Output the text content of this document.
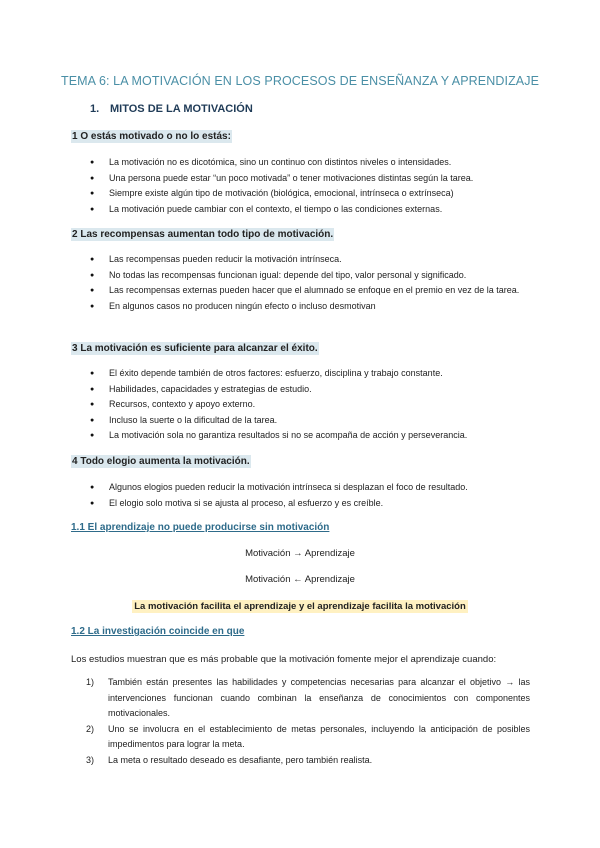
TEMA 6: LA MOTIVACIÓN EN LOS PROCESOS DE ENSEÑANZA Y APRENDIZAJE
1. MITOS DE LA MOTIVACIÓN
1 O estás motivado o no lo estás:
● La motivación no es dicotómica, sino un continuo con distintos niveles o intensidades.
● Una persona puede estar “un poco motivada” o tener motivaciones distintas según la tarea.
● Siempre existe algún tipo de motivación (biológica, emocional, intrínseca o extrínseca)
● La motivación puede cambiar con el contexto, el tiempo o las condiciones externas.
2 Las recompensas aumentan todo tipo de motivación.
● Las recompensas pueden reducir la motivación intrínseca.
● No todas las recompensas funcionan igual: depende del tipo, valor personal y significado.
● Las recompensas externas pueden hacer que el alumnado se enfoque en el premio en vez de la tarea.
● En algunos casos no producen ningún efecto o incluso desmotivan
3 La motivación es suficiente para alcanzar el éxito.
● El éxito depende también de otros factores: esfuerzo, disciplina y trabajo constante.
● Habilidades, capacidades y estrategias de estudio.
● Recursos, contexto y apoyo externo.
● Incluso la suerte o la dificultad de la tarea.
● La motivación sola no garantiza resultados si no se acompaña de acción y perseverancia.
4 Todo elogio aumenta la motivación.
● Algunos elogios pueden reducir la motivación intrínseca si desplazan el foco de resultado.
● El elogio solo motiva si se ajusta al proceso, al esfuerzo y es creíble.
1.1 El aprendizaje no puede producirse sin motivación
Motivación → Aprendizaje
Motivación ← Aprendizaje
La motivación facilita el aprendizaje y el aprendizaje facilita la motivación
1.2 La investigación coincide en que
Los estudios muestran que es más probable que la motivación fomente mejor el aprendizaje cuando:
1) También están presentes las habilidades y competencias necesarias para alcanzar el objetivo → las intervenciones funcionan cuando combinan la enseñanza de conocimientos con componentes motivacionales.
2) Uno se involucra en el establecimiento de metas personales, incluyendo la anticipación de posibles impedimentos para lograr la meta.
3) La meta o resultado deseado es desafiante, pero también realista.
